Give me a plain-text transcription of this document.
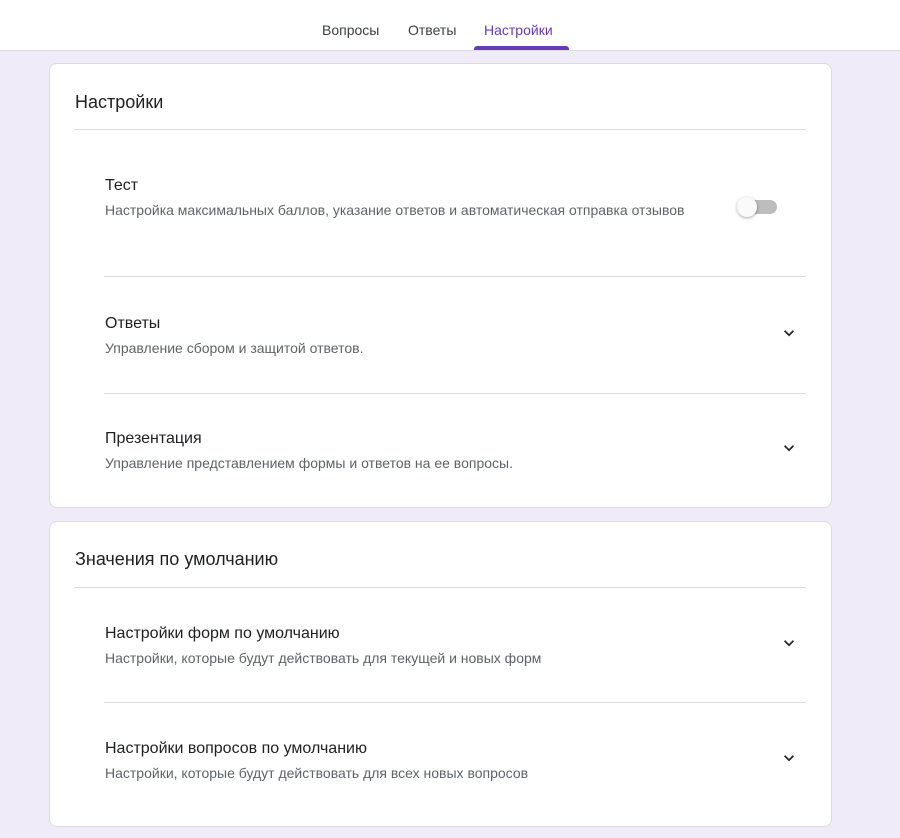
Вопросы Ответы Настройки
Настройки
Тест
Настройка максимальных баллов, указание ответов и автоматическая отправка отзывов
Ответы
Управление сбором и защитой ответов.
Презентация
Управление представлением формы и ответов на ее вопросы.
Значения по умолчанию
Настройки форм по умолчанию
Настройки, которые будут действовать для текущей и новых форм
Настройки вопросов по умолчанию
Настройки, которые будут действовать для всех новых вопросов
